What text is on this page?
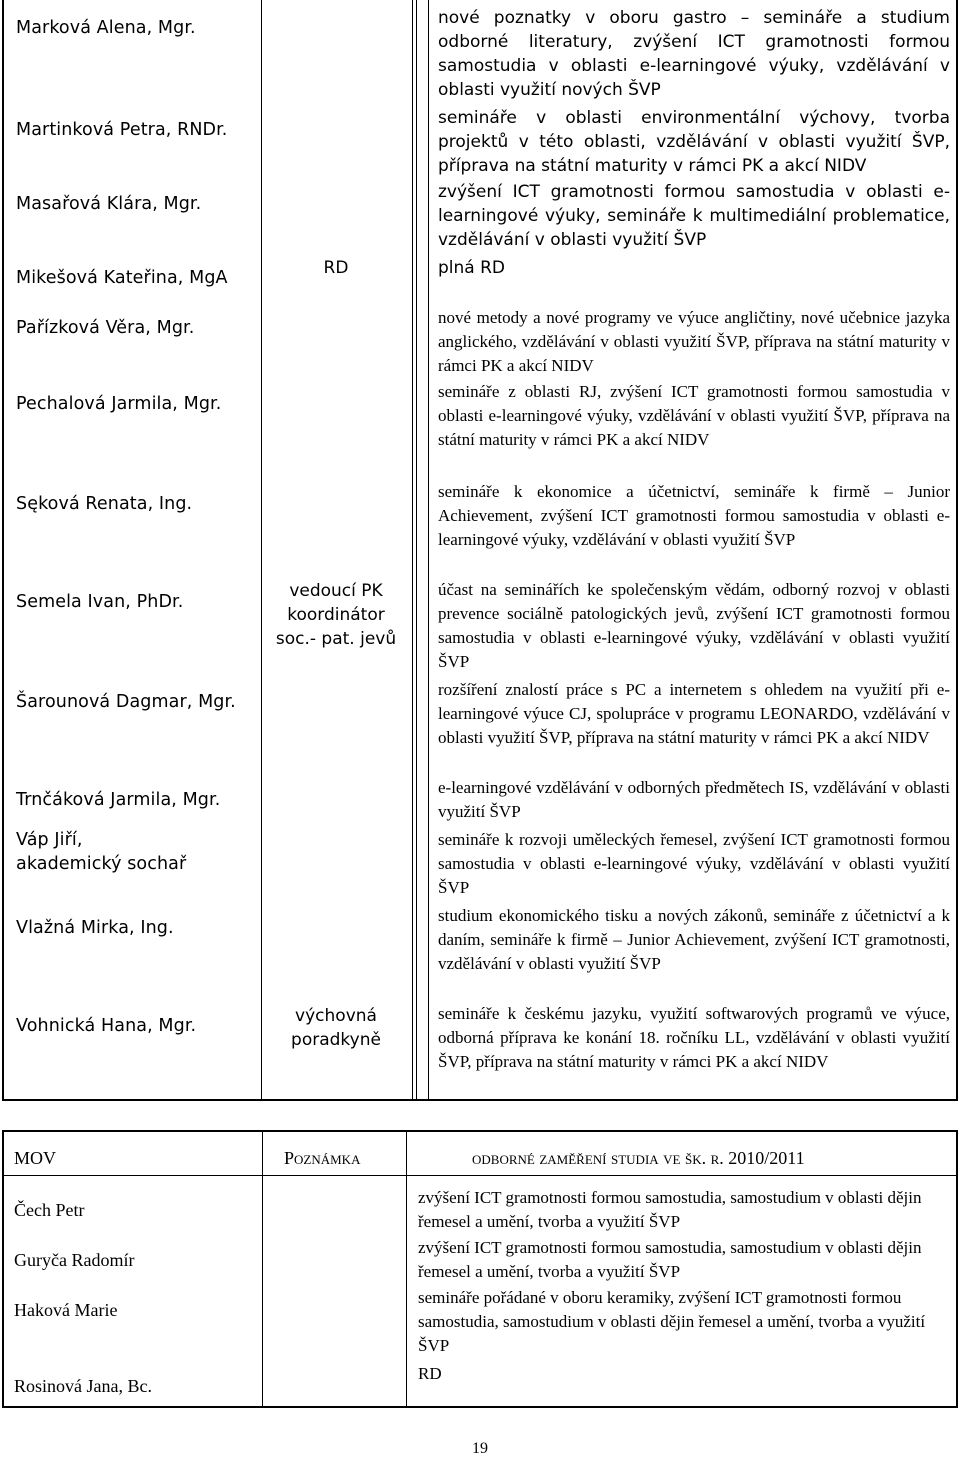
Marková Alena, Mgr.
Martinková Petra, RNDr.
Masařová Klára, Mgr.
Mikešová Kateřina, MgA
Pařízková Věra, Mgr.
Pechalová Jarmila, Mgr.
Sęková Renata, Ing.
Semela Ivan, PhDr.
Šarounová Dagmar, Mgr.
Trnčáková Jarmila, Mgr.
Váp Jiří,
akademický sochař
Vlažná Mirka, Ing.
Vohnická Hana, Mgr.
RD
vedoucí PK
koordinátor
soc.- pat. jevů
výchovná
poradkyně
nové poznatky v oboru gastro – semináře a studium odborné literatury, zvýšení ICT gramotnosti formou samostudia v oblasti e-learningové výuky, vzdělávání v oblasti využití nových ŠVP
semináře v oblasti environmentální výchovy, tvorba projektů v této oblasti, vzdělávání v oblasti využití ŠVP, příprava na státní maturity v rámci PK a akcí NIDV
zvýšení ICT gramotnosti formou samostudia v oblasti e-learningové výuky, semináře k multimediální problematice, vzdělávání v oblasti využití ŠVP
plná RD
nové metody a nové programy ve výuce angličtiny, nové učebnice jazyka anglického, vzdělávání v oblasti využití ŠVP, příprava na státní maturity v rámci PK a akcí NIDV
semináře z oblasti RJ, zvýšení ICT gramotnosti formou samostudia v oblasti e-learningové výuky, vzdělávání v oblasti využití ŠVP, příprava na státní maturity v rámci PK a akcí NIDV
semináře k ekonomice a účetnictví, semináře k firmě – Junior Achievement, zvýšení ICT gramotnosti formou samostudia v oblasti e-learningové výuky, vzdělávání v oblasti využití ŠVP
účast na seminářích ke společenským vědám, odborný rozvoj v oblasti prevence sociálně patologických jevů, zvýšení ICT gramotnosti formou samostudia v oblasti e-learningové výuky, vzdělávání v oblasti využití ŠVP
rozšíření znalostí práce s PC a internetem s ohledem na využití při e-learningové výuce CJ, spolupráce v programu LEONARDO, vzdělávání v oblasti využití ŠVP, příprava na státní maturity v rámci PK a akcí NIDV
e-learningové vzdělávání v odborných předmětech IS, vzdělávání v oblasti využití ŠVP
semináře k rozvoji uměleckých řemesel, zvýšení ICT gramotnosti formou samostudia v oblasti e-learningové výuky, vzdělávání v oblasti využití ŠVP
studium ekonomického tisku a nových zákonů, semináře z účetnictví a k daním, semináře k firmě – Junior Achievement, zvýšení ICT gramotnosti, vzdělávání v oblasti využití ŠVP
semináře k českému jazyku, využití softwarových programů ve výuce, odborná příprava ke konání 18. ročníku LL, vzdělávání v oblasti využití ŠVP, příprava na státní maturity v rámci PK a akcí NIDV
MOV	Poznámka	odborné zaměření studia ve šk. r. 2010/2011
Čech Petr
Guryča Radomír
Haková Marie
Rosinová Jana, Bc.
zvýšení ICT gramotnosti formou samostudia, samostudium v oblasti dějin řemesel a umění, tvorba a využití ŠVP
zvýšení ICT gramotnosti formou samostudia, samostudium v oblasti dějin řemesel a umění, tvorba a využití ŠVP
semináře pořádané v oboru keramiky, zvýšení ICT gramotnosti formou samostudia, samostudium v oblasti dějin řemesel a umění, tvorba a využití ŠVP
RD
19
